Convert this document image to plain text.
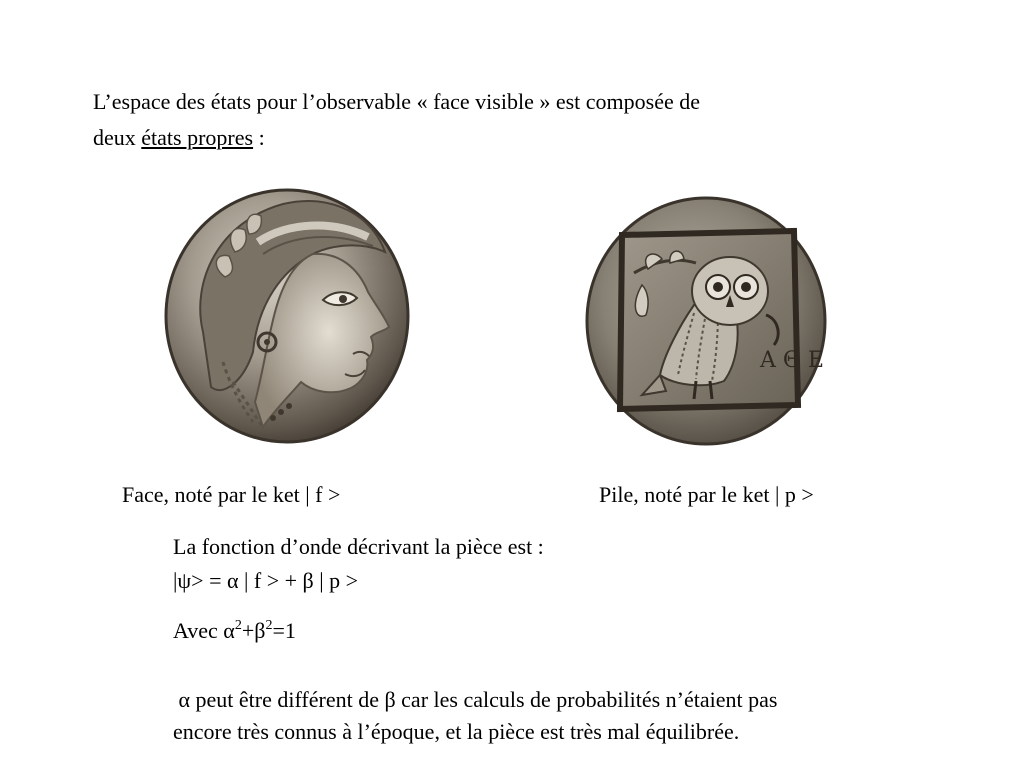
L’espace des états pour l’observable « face visible » est composée de
deux états propres :
Α Θ Ε
Face, noté par le ket | f >	Pile, noté par le ket | p >
La fonction d’onde décrivant la pièce est :
|ψ> = α | f > + β | p >
Avec $\alpha^2+\beta^2=1$
α peut être différent de β car les calculs de probabilités n’étaient pas
encore très connus à l’époque, et la pièce est très mal équilibrée.
